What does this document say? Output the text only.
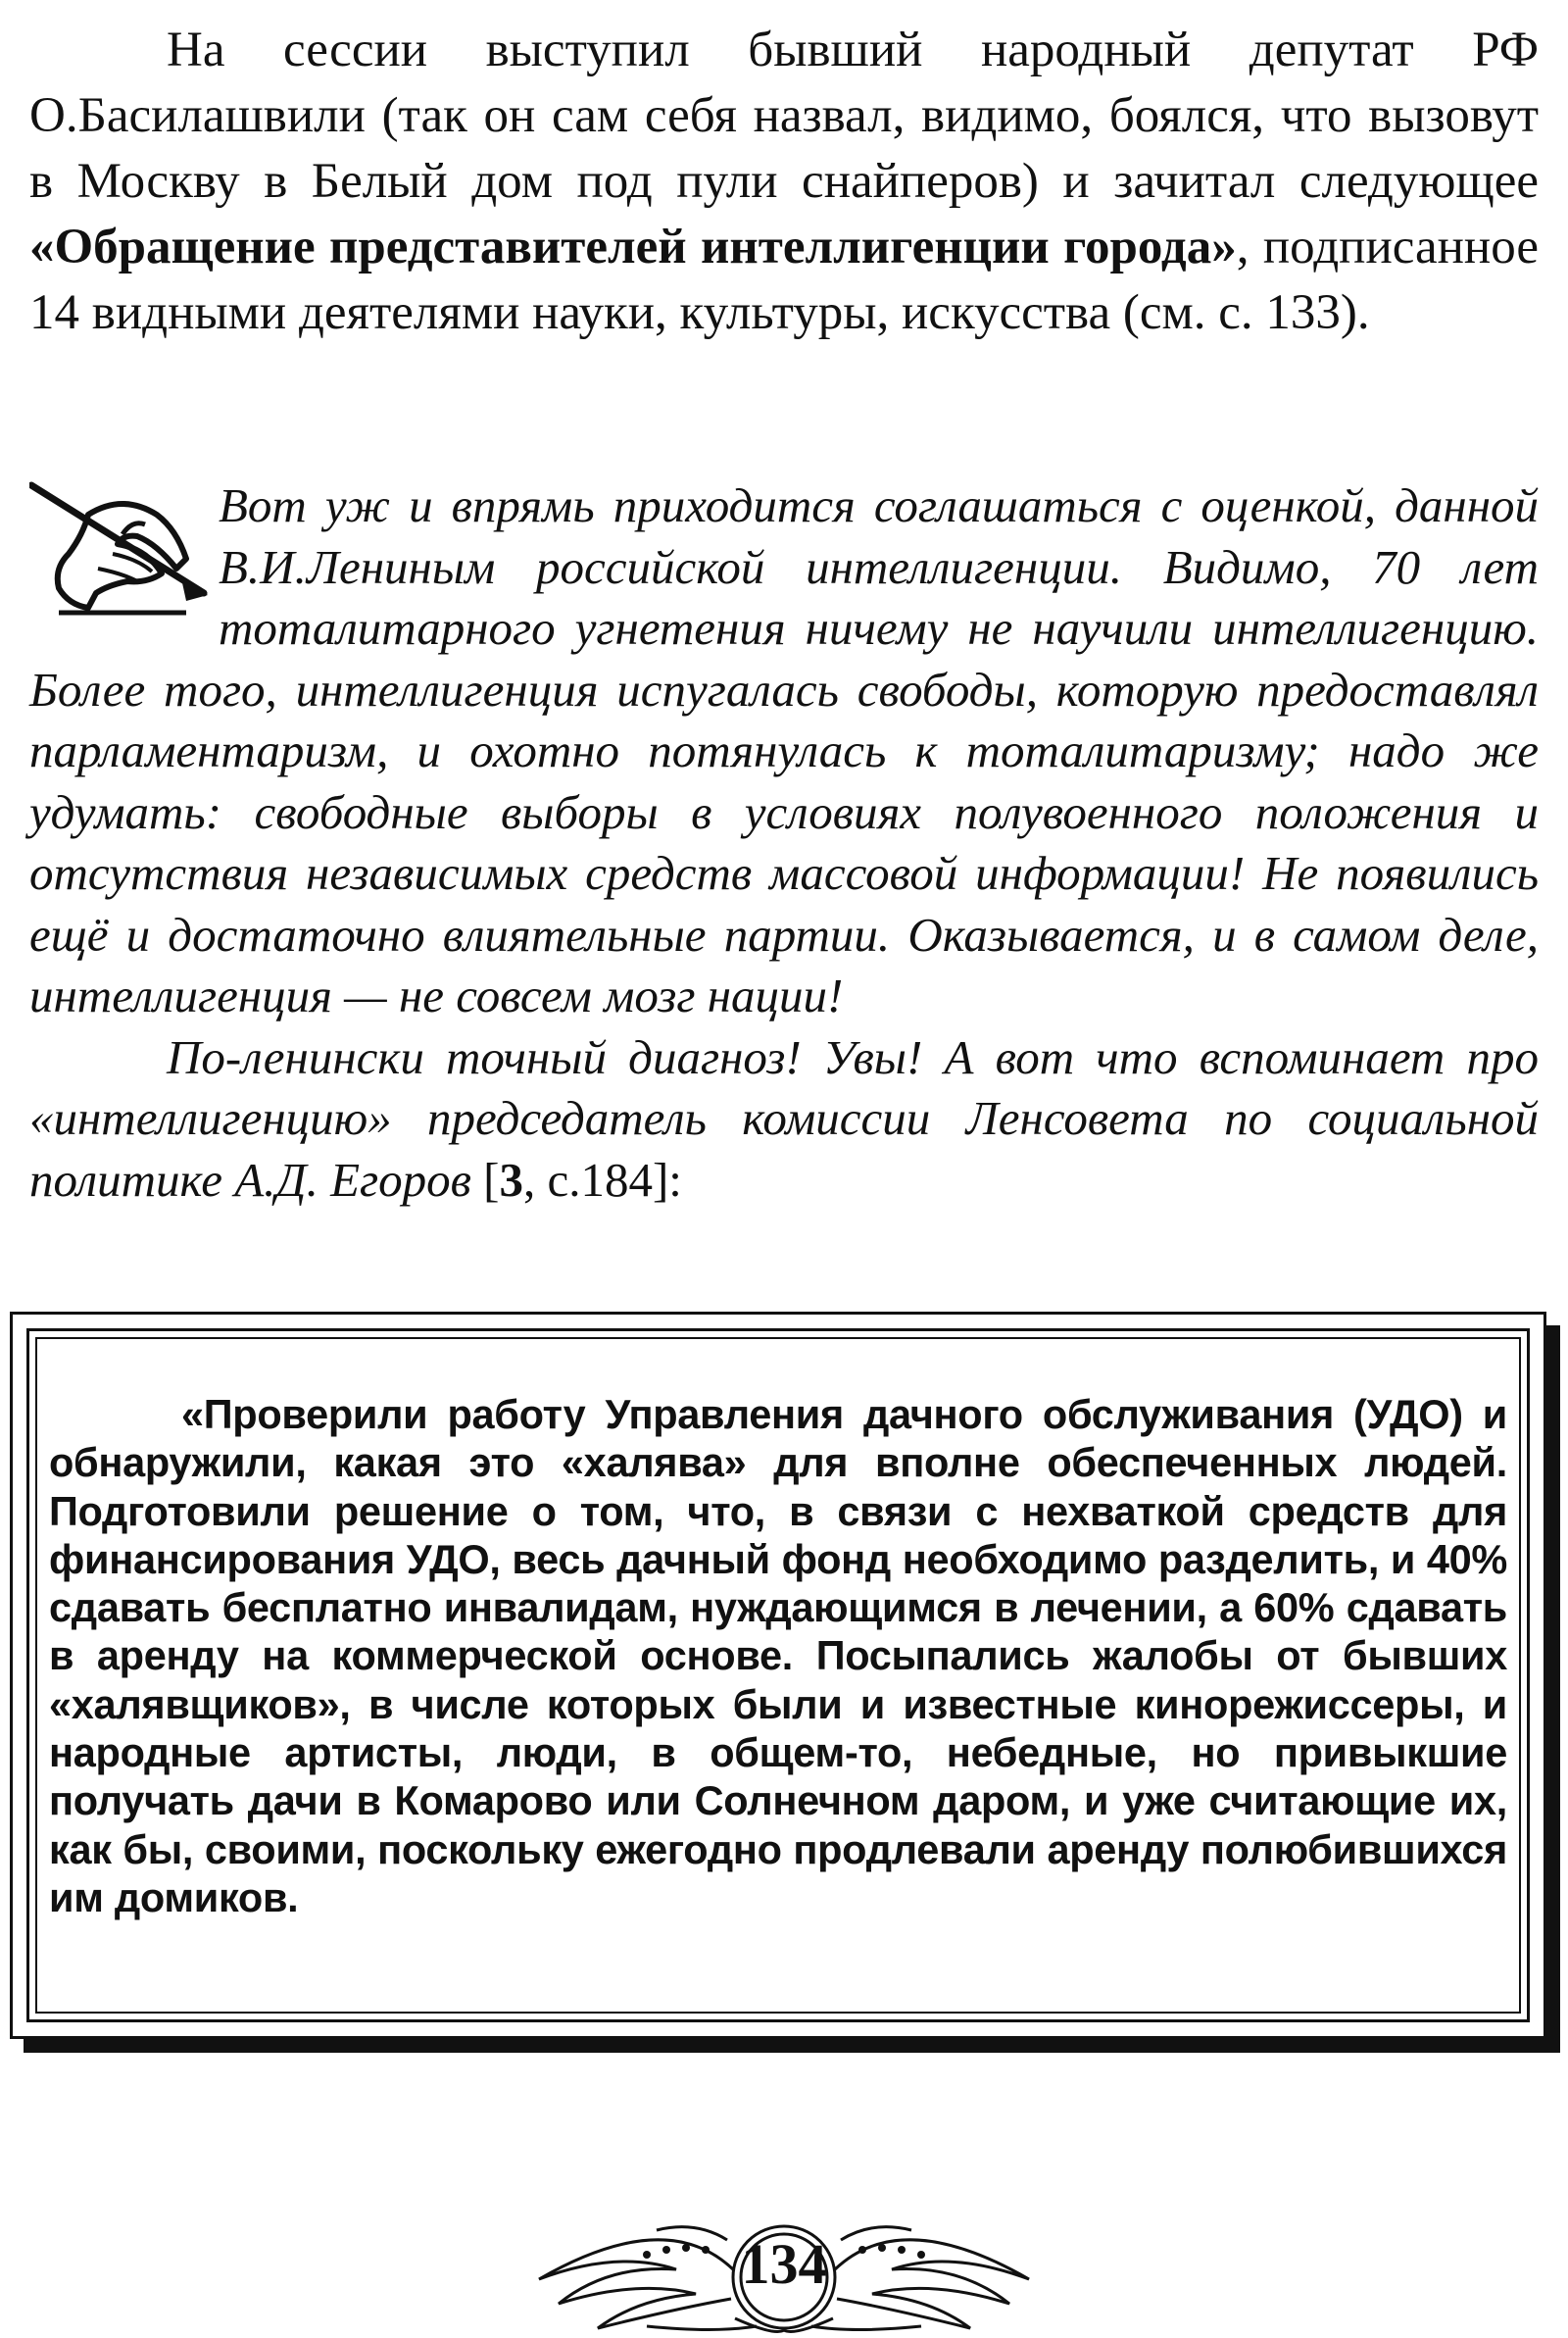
На сессии выступил бывший народный депутат РФ О.Басилашвили (так он сам себя назвал, видимо, боялся, что вызовут в Москву в Белый дом под пули снайперов) и зачитал следующее «Обращение представителей интеллигенции города», подписанное 14 видными деятелями науки, культуры, искусства (см. с. 133).

Вот уж и впрямь приходится соглашаться с оценкой, данной В.И.Лениным российской интеллигенции. Видимо, 70 лет тоталитарного угнетения ничему не научили интеллигенцию. Более того, интеллигенция испугалась свободы, которую предоставлял парламентаризм, и охотно потянулась к тоталитаризму; надо же удумать: свободные выборы в условиях полувоенного положения и отсутствия независимых средств массовой информации! Не появились ещё и достаточно влиятельные партии. Оказывается, и в самом деле, интеллигенция — не совсем мозг нации!

По-ленински точный диагноз! Увы! А вот что вспоминает про «интеллигенцию» председатель комиссии Ленсовета по социальной политике А.Д. Егоров [3, с.184]:

«Проверили работу Управления дачного обслуживания (УДО) и обнаружили, какая это «халява» для вполне обеспеченных людей. Подготовили решение о том, что, в связи с нехваткой средств для финансирования УДО, весь дачный фонд необходимо разделить, и 40% сдавать бесплатно инвалидам, нуждающимся в лечении, а 60% сдавать в аренду на коммерческой основе. Посыпались жалобы от бывших «халявщиков», в числе которых были и известные кинорежиссеры, и народные артисты, люди, в общем-то, небедные, но привыкшие получать дачи в Комарово или Солнечном даром, и уже считающие их, как бы, своими, поскольку ежегодно продлевали аренду полюбившихся им домиков.
134
